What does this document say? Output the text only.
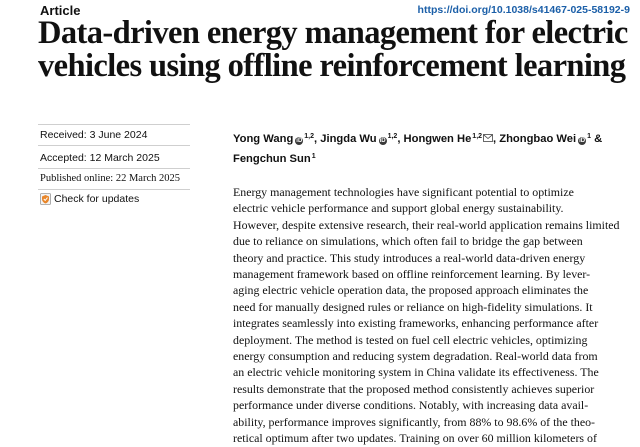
Article	https://doi.org/10.1038/s41467-025-58192-9
Data-driven energy management for electric
vehicles using offline reinforcement learning
Received: 3 June 2024
Accepted: 12 March 2025
Published online: 22 March 2025
Check for updates
Yong Wang iD$^{1,2}$, Jingda Wu iD$^{1,2}$, Hongwen He$^{1,2}$ , Zhongbao Wei $iD^1$ &
Fengchun Sun$^1$
Energy management technologies have significant potential to optimize
electric vehicle performance and support global energy sustainability.
However, despite extensive research, their real-world application remains limited
due to reliance on simulations, which often fail to bridge the gap between
theory and practice. This study introduces a real-world data-driven energy
management framework based on offline reinforcement learning. By lever-
aging electric vehicle operation data, the proposed approach eliminates the
need for manually designed rules or reliance on high-fidelity simulations. It
integrates seamlessly into existing frameworks, enhancing performance after
deployment. The method is tested on fuel cell electric vehicles, optimizing
energy consumption and reducing system degradation. Real-world data from
an electric vehicle monitoring system in China validate its effectiveness. The
results demonstrate that the proposed method consistently achieves superior
performance under diverse conditions. Notably, with increasing data avail-
ability, performance improves significantly, from 88% to 98.6% of the theo-
retical optimum after two updates. Training on over 60 million kilometers of
